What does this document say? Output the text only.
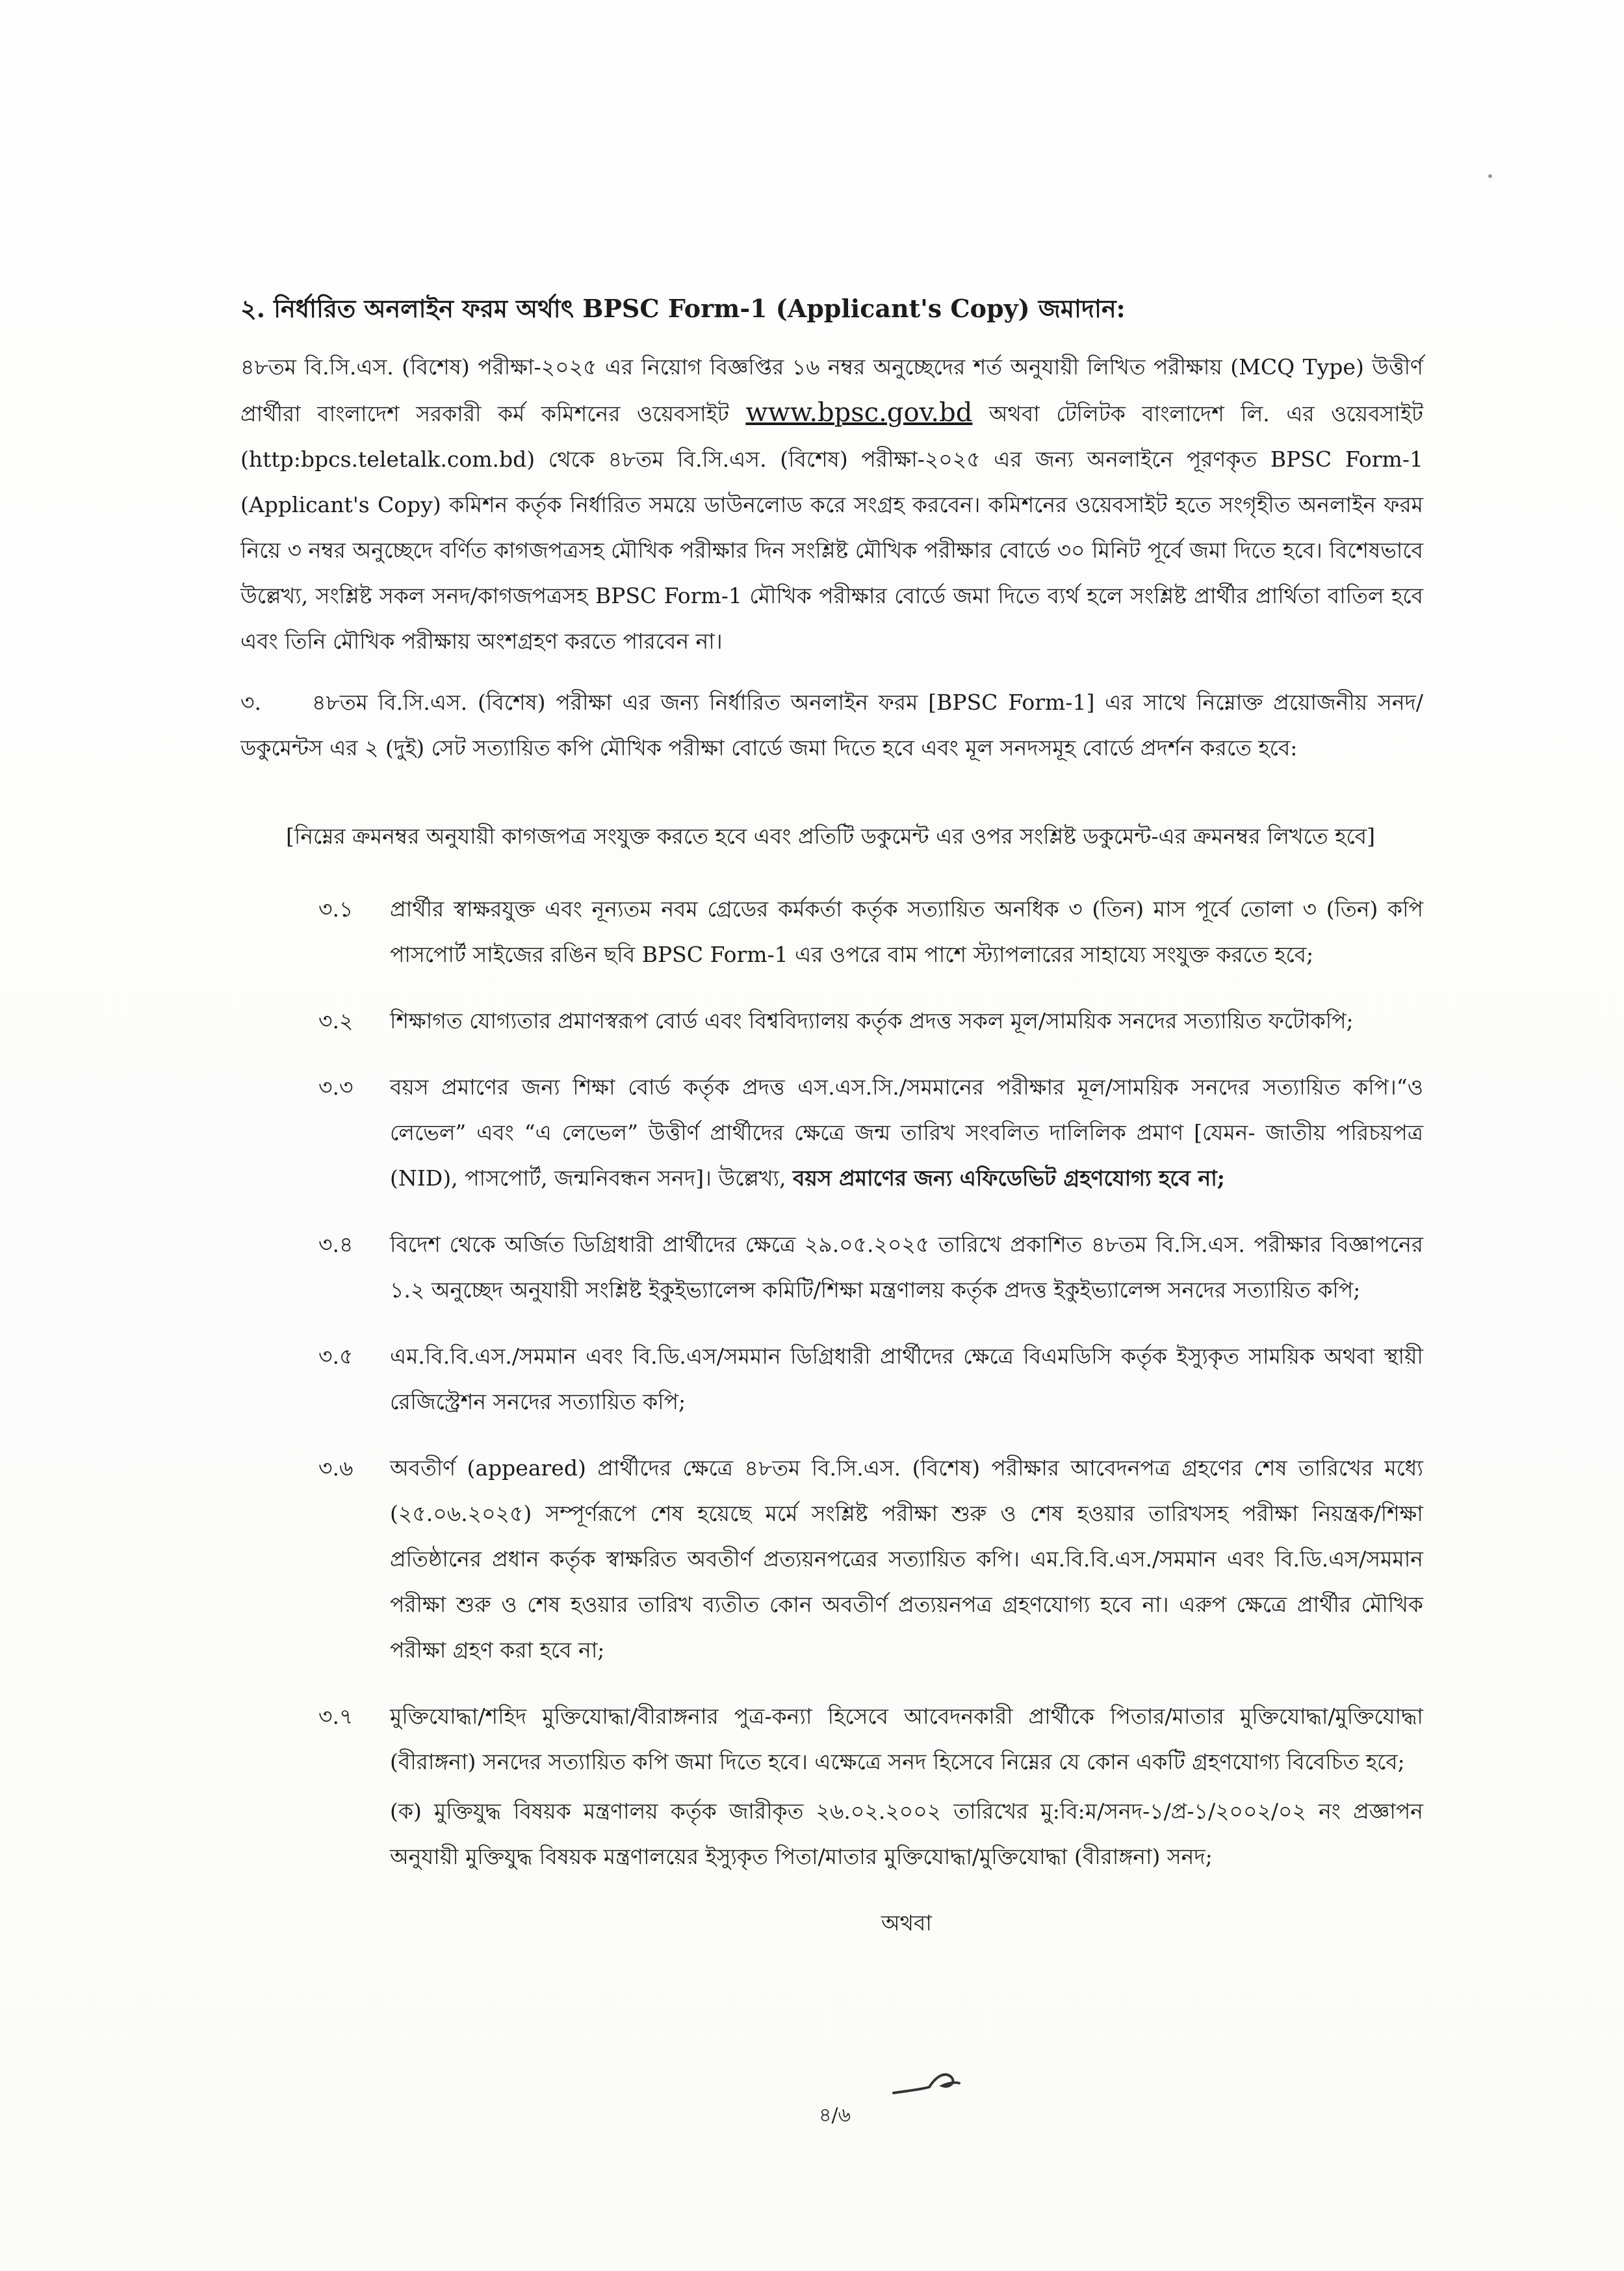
২. নির্ধারিত অনলাইন ফরম অর্থাৎ BPSC Form-1 (Applicant's Copy) জমাদান:
৪৮তম বি.সি.এস. (বিশেষ) পরীক্ষা-২০২৫ এর নিয়োগ বিজ্ঞপ্তির ১৬ নম্বর অনুচ্ছেদের শর্ত অনুযায়ী লিখিত পরীক্ষায় (MCQ Type) উত্তীর্ণ প্রার্থীরা বাংলাদেশ সরকারী কর্ম কমিশনের ওয়েবসাইট www.bpsc.gov.bd অথবা টেলিটক বাংলাদেশ লি. এর ওয়েবসাইট (http:bpcs.teletalk.com.bd) থেকে ৪৮তম বি.সি.এস. (বিশেষ) পরীক্ষা-২০২৫ এর জন্য অনলাইনে পূরণকৃত BPSC Form-1 (Applicant's Copy) কমিশন কর্তৃক নির্ধারিত সময়ে ডাউনলোড করে সংগ্রহ করবেন। কমিশনের ওয়েবসাইট হতে সংগৃহীত অনলাইন ফরম নিয়ে ৩ নম্বর অনুচ্ছেদে বর্ণিত কাগজপত্রসহ মৌখিক পরীক্ষার দিন সংশ্লিষ্ট মৌখিক পরীক্ষার বোর্ডে ৩০ মিনিট পূর্বে জমা দিতে হবে। বিশেষভাবে উল্লেখ্য, সংশ্লিষ্ট সকল সনদ/কাগজপত্রসহ BPSC Form-1 মৌখিক পরীক্ষার বোর্ডে জমা দিতে ব্যর্থ হলে সংশ্লিষ্ট প্রার্থীর প্রার্থিতা বাতিল হবে এবং তিনি মৌখিক পরীক্ষায় অংশগ্রহণ করতে পারবেন না।
৩. ৪৮তম বি.সি.এস. (বিশেষ) পরীক্ষা এর জন্য নির্ধারিত অনলাইন ফরম [BPSC Form-1] এর সাথে নিম্নোক্ত প্রয়োজনীয় সনদ/ডকুমেন্টস এর ২ (দুই) সেট সত্যায়িত কপি মৌখিক পরীক্ষা বোর্ডে জমা দিতে হবে এবং মূল সনদসমূহ বোর্ডে প্রদর্শন করতে হবে:
[নিম্নের ক্রমনম্বর অনুযায়ী কাগজপত্র সংযুক্ত করতে হবে এবং প্রতিটি ডকুমেন্ট এর ওপর সংশ্লিষ্ট ডকুমেন্ট-এর ক্রমনম্বর লিখতে হবে]
৩.১	প্রার্থীর স্বাক্ষরযুক্ত এবং নূন্যতম নবম গ্রেডের কর্মকর্তা কর্তৃক সত্যায়িত অনধিক ৩ (তিন) মাস পূর্বে তোলা ৩ (তিন) কপি পাসপোর্ট সাইজের রঙিন ছবি BPSC Form-1 এর ওপরে বাম পাশে স্ট্যাপলারের সাহায্যে সংযুক্ত করতে হবে;
৩.২	শিক্ষাগত যোগ্যতার প্রমাণস্বরূপ বোর্ড এবং বিশ্ববিদ্যালয় কর্তৃক প্রদত্ত সকল মূল/সাময়িক সনদের সত্যায়িত ফটোকপি;
৩.৩	বয়স প্রমাণের জন্য শিক্ষা বোর্ড কর্তৃক প্রদত্ত এস.এস.সি./সমমানের পরীক্ষার মূল/সাময়িক সনদের সত্যায়িত কপি।“ও লেভেল” এবং “এ লেভেল” উত্তীর্ণ প্রার্থীদের ক্ষেত্রে জন্ম তারিখ সংবলিত দালিলিক প্রমাণ [যেমন- জাতীয় পরিচয়পত্র (NID), পাসপোর্ট, জন্মনিবন্ধন সনদ]। উল্লেখ্য, বয়স প্রমাণের জন্য এফিডেভিট গ্রহণযোগ্য হবে না;
৩.৪	বিদেশ থেকে অর্জিত ডিগ্রিধারী প্রার্থীদের ক্ষেত্রে ২৯.০৫.২০২৫ তারিখে প্রকাশিত ৪৮তম বি.সি.এস. পরীক্ষার বিজ্ঞাপনের ১.২ অনুচ্ছেদ অনুযায়ী সংশ্লিষ্ট ইকুইভ্যালেন্স কমিটি/শিক্ষা মন্ত্রণালয় কর্তৃক প্রদত্ত ইকুইভ্যালেন্স সনদের সত্যায়িত কপি;
৩.৫	এম.বি.বি.এস./সমমান এবং বি.ডি.এস/সমমান ডিগ্রিধারী প্রার্থীদের ক্ষেত্রে বিএমডিসি কর্তৃক ইস্যুকৃত সাময়িক অথবা স্থায়ী রেজিস্ট্রেশন সনদের সত্যায়িত কপি;
৩.৬	অবতীর্ণ (appeared) প্রার্থীদের ক্ষেত্রে ৪৮তম বি.সি.এস. (বিশেষ) পরীক্ষার আবেদনপত্র গ্রহণের শেষ তারিখের মধ্যে (২৫.০৬.২০২৫) সম্পূর্ণরূপে শেষ হয়েছে মর্মে সংশ্লিষ্ট পরীক্ষা শুরু ও শেষ হওয়ার তারিখসহ পরীক্ষা নিয়ন্ত্রক/শিক্ষা প্রতিষ্ঠানের প্রধান কর্তৃক স্বাক্ষরিত অবতীর্ণ প্রত্যয়নপত্রের সত্যায়িত কপি। এম.বি.বি.এস./সমমান এবং বি.ডি.এস/সমমান পরীক্ষা শুরু ও শেষ হওয়ার তারিখ ব্যতীত কোন অবতীর্ণ প্রত্যয়নপত্র গ্রহণযোগ্য হবে না। এরুপ ক্ষেত্রে প্রার্থীর মৌখিক পরীক্ষা গ্রহণ করা হবে না;
৩.৭	মুক্তিযোদ্ধা/শহিদ মুক্তিযোদ্ধা/বীরাঙ্গনার পুত্র-কন্যা হিসেবে আবেদনকারী প্রার্থীকে পিতার/মাতার মুক্তিযোদ্ধা/মুক্তিযোদ্ধা (বীরাঙ্গনা) সনদের সত্যায়িত কপি জমা দিতে হবে। এক্ষেত্রে সনদ হিসেবে নিম্নের যে কোন একটি গ্রহণযোগ্য বিবেচিত হবে;
(ক) মুক্তিযুদ্ধ বিষয়ক মন্ত্রণালয় কর্তৃক জারীকৃত ২৬.০২.২০০২ তারিখের মু:বি:ম/সনদ-১/প্র-১/২০০২/০২ নং প্রজ্ঞাপন অনুযায়ী মুক্তিযুদ্ধ বিষয়ক মন্ত্রণালয়ের ইস্যুকৃত পিতা/মাতার মুক্তিযোদ্ধা/মুক্তিযোদ্ধা (বীরাঙ্গনা) সনদ;
অথবা
৪/৬
